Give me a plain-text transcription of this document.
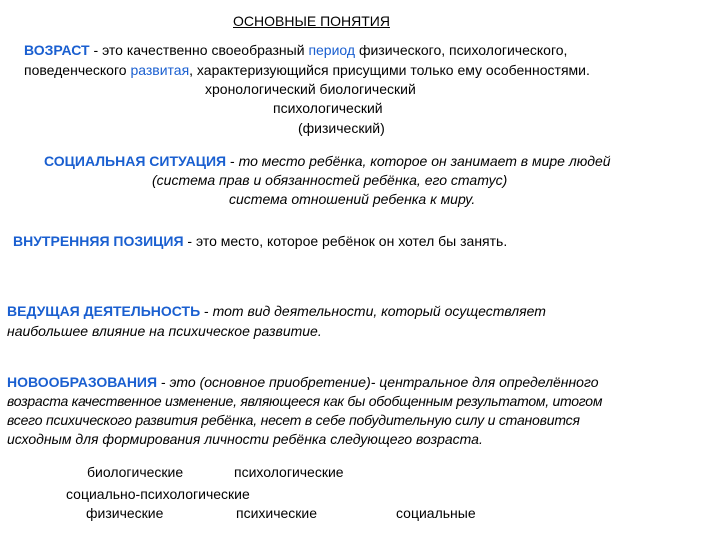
ОСНОВНЫЕ ПОНЯТИЯ
ВОЗРАСТ - это качественно своеобразный период физического, психологического,
поведенческого развитая, характеризующийся присущими только ему особенностями.
хронологический биологический
психологический
(физический)
СОЦИАЛЬНАЯ СИТУАЦИЯ - то место ребёнка, которое он занимает в мире людей
(система прав и обязанностей ребёнка, его статус)
система отношений ребенка к миру.
ВНУТРЕННЯЯ ПОЗИЦИЯ - это место, которое ребёнок он хотел бы занять.
ВЕДУЩАЯ ДЕЯТЕЛЬНОСТЬ - тот вид деятельности, который осуществляет
наибольшее влияние на психическое развитие.
НОВООБРАЗОВАНИЯ - это (основное приобретение)- центральное для определённого
возраста качественное изменение, являющееся как бы обобщенным результатом, итогом
всего психического развития ребёнка, несет в себе побудительную силу и становится
исходным для формирования личности ребёнка следующего возраста.
биологические	психологические
социально-психологические
физические	психические	социальные
